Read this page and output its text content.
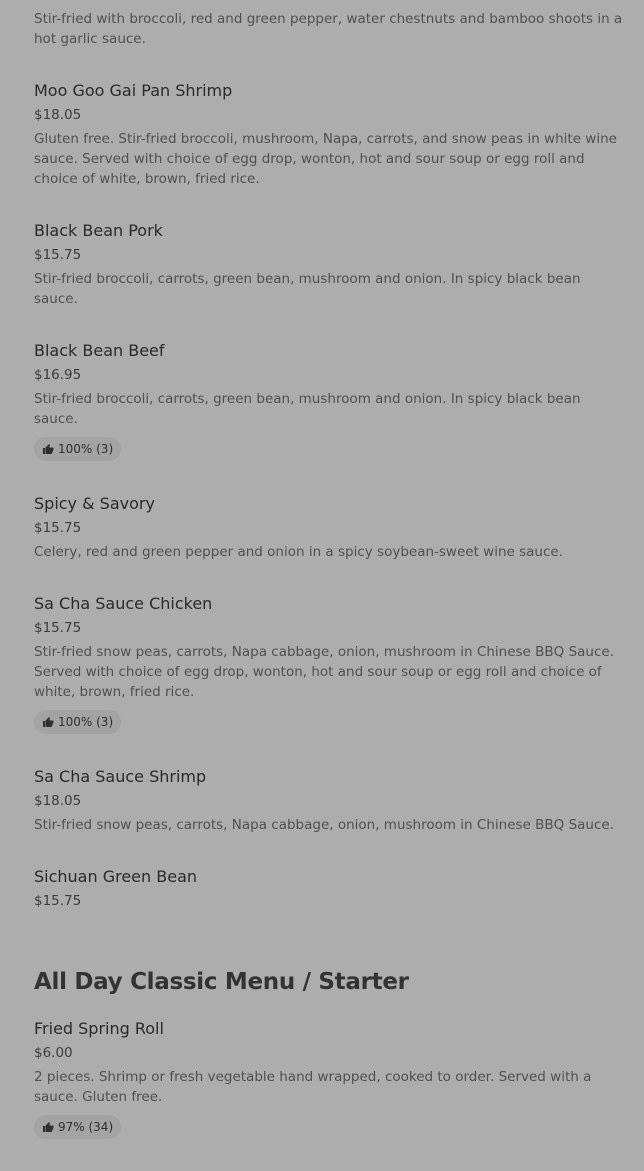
Stir-fried with broccoli, red and green pepper, water chestnuts and bamboo shoots in a hot garlic sauce.
Moo Goo Gai Pan Shrimp
$18.05
Gluten free. Stir-fried broccoli, mushroom, Napa, carrots, and snow peas in white wine sauce. Served with choice of egg drop, wonton, hot and sour soup or egg roll and choice of white, brown, fried rice.
Black Bean Pork
$15.75
Stir-fried broccoli, carrots, green bean, mushroom and onion. In spicy black bean sauce.
Black Bean Beef
$16.95
Stir-fried broccoli, carrots, green bean, mushroom and onion. In spicy black bean sauce.
100% (3)
Spicy & Savory
$15.75
Celery, red and green pepper and onion in a spicy soybean-sweet wine sauce.
Sa Cha Sauce Chicken
$15.75
Stir-fried snow peas, carrots, Napa cabbage, onion, mushroom in Chinese BBQ Sauce. Served with choice of egg drop, wonton, hot and sour soup or egg roll and choice of white, brown, fried rice.
100% (3)
Sa Cha Sauce Shrimp
$18.05
Stir-fried snow peas, carrots, Napa cabbage, onion, mushroom in Chinese BBQ Sauce.
Sichuan Green Bean
$15.75
All Day Classic Menu / Starter
Fried Spring Roll
$6.00
2 pieces. Shrimp or fresh vegetable hand wrapped, cooked to order. Served with a sauce. Gluten free.
97% (34)
